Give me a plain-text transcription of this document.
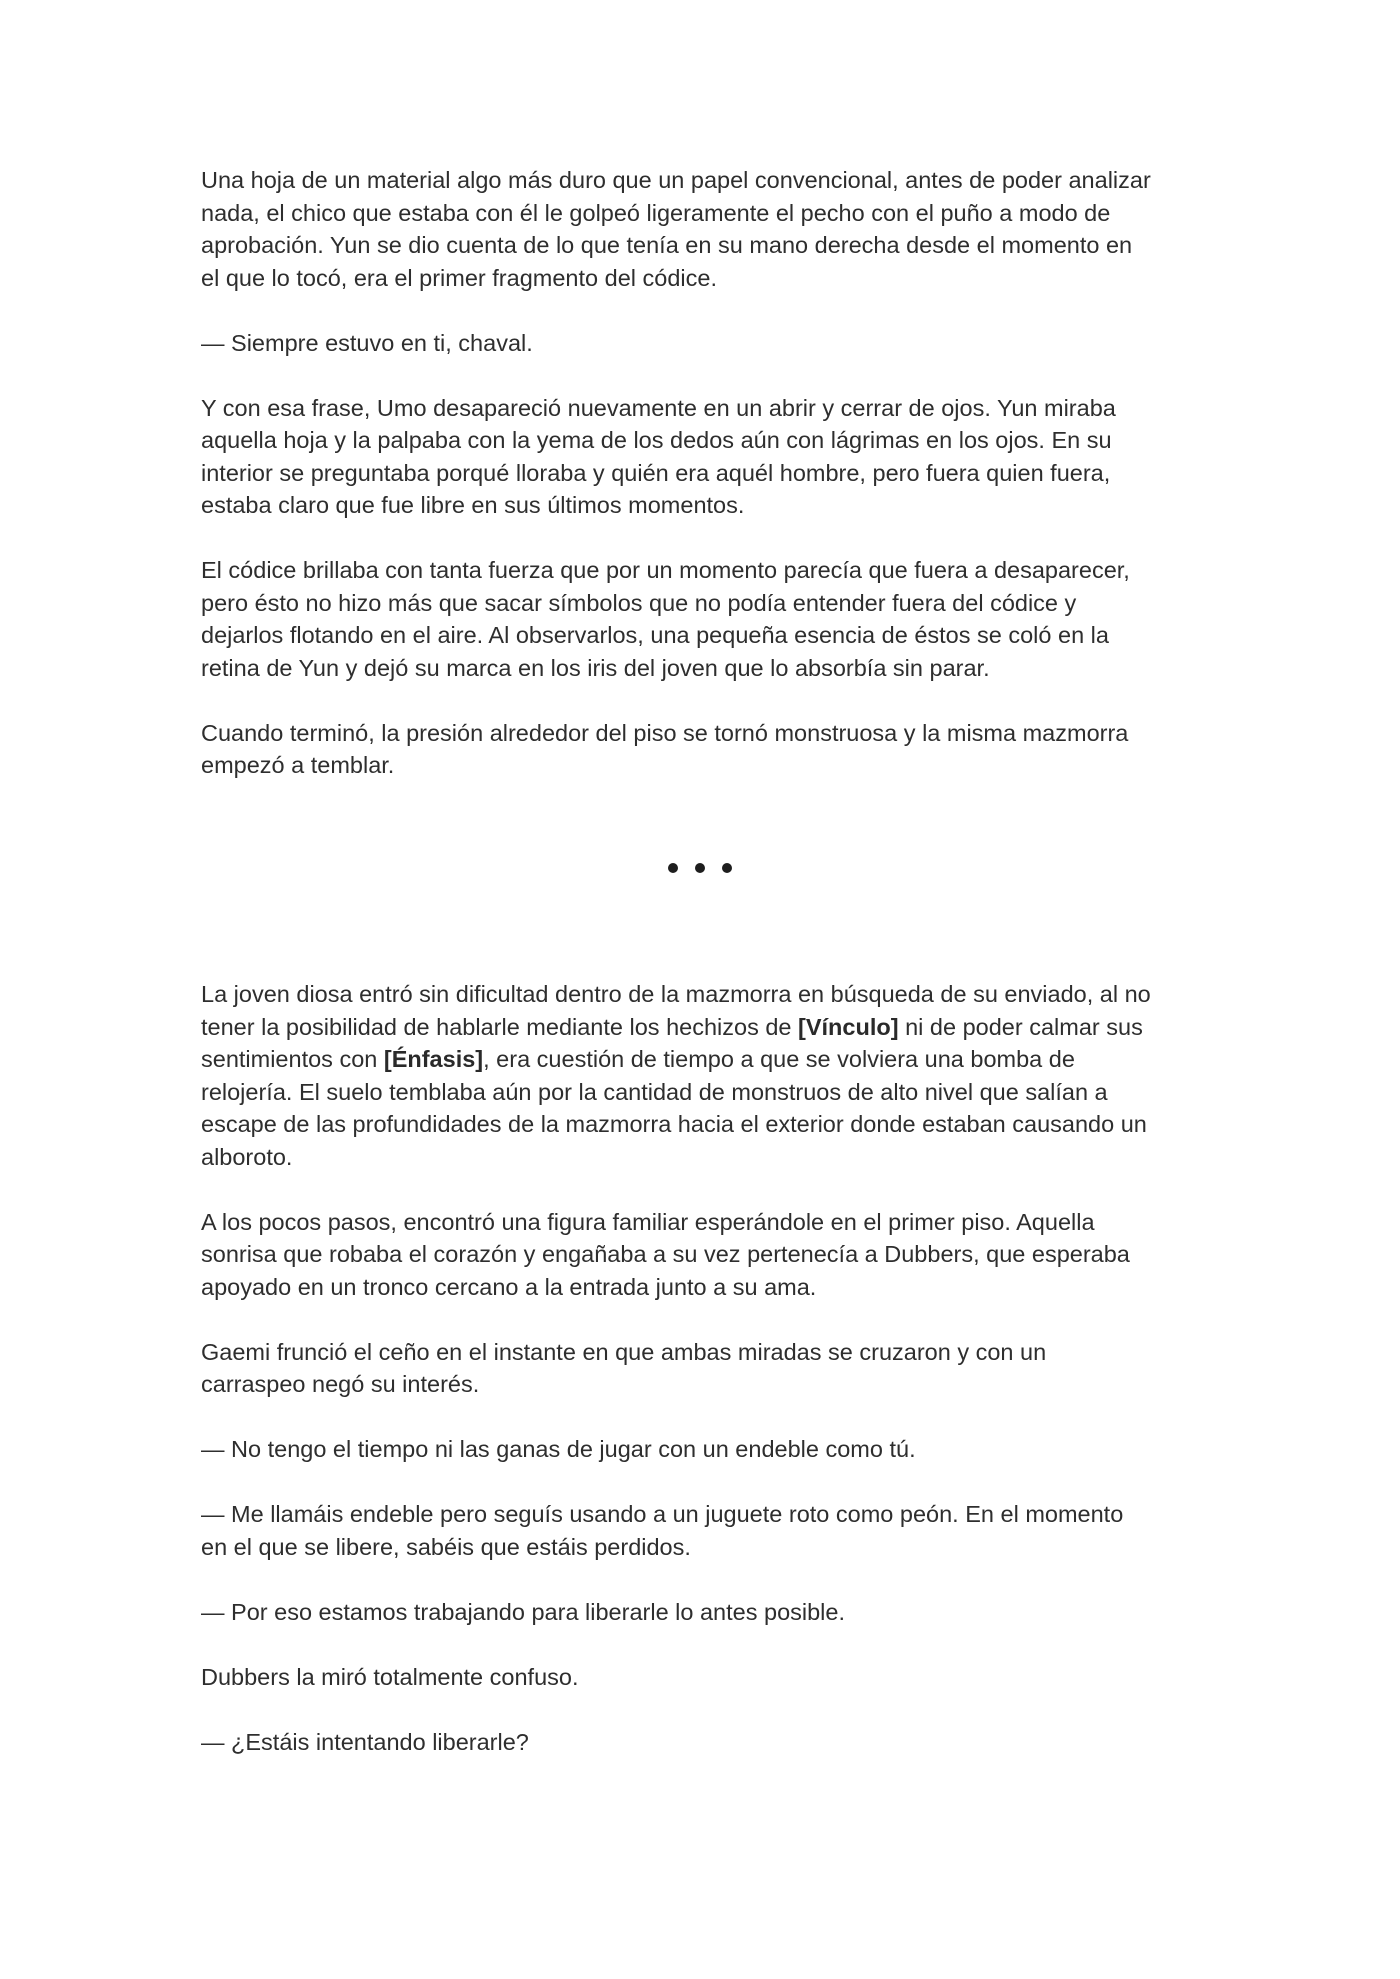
Una hoja de un material algo más duro que un papel convencional, antes de poder analizar
nada, el chico que estaba con él le golpeó ligeramente el pecho con el puño a modo de
aprobación. Yun se dio cuenta de lo que tenía en su mano derecha desde el momento en
el que lo tocó, era el primer fragmento del códice.

— Siempre estuvo en ti, chaval.

Y con esa frase, Umo desapareció nuevamente en un abrir y cerrar de ojos. Yun miraba
aquella hoja y la palpaba con la yema de los dedos aún con lágrimas en los ojos. En su
interior se preguntaba porqué lloraba y quién era aquél hombre, pero fuera quien fuera,
estaba claro que fue libre en sus últimos momentos.

El códice brillaba con tanta fuerza que por un momento parecía que fuera a desaparecer,
pero ésto no hizo más que sacar símbolos que no podía entender fuera del códice y
dejarlos flotando en el aire. Al observarlos, una pequeña esencia de éstos se coló en la
retina de Yun y dejó su marca en los iris del joven que lo absorbía sin parar.

Cuando terminó, la presión alrededor del piso se tornó monstruosa y la misma mazmorra
empezó a temblar.

La joven diosa entró sin dificultad dentro de la mazmorra en búsqueda de su enviado, al no
tener la posibilidad de hablarle mediante los hechizos de [Vínculo] ni de poder calmar sus
sentimientos con [Énfasis], era cuestión de tiempo a que se volviera una bomba de
relojería. El suelo temblaba aún por la cantidad de monstruos de alto nivel que salían a
escape de las profundidades de la mazmorra hacia el exterior donde estaban causando un
alboroto.

A los pocos pasos, encontró una figura familiar esperándole en el primer piso. Aquella
sonrisa que robaba el corazón y engañaba a su vez pertenecía a Dubbers, que esperaba
apoyado en un tronco cercano a la entrada junto a su ama.

Gaemi frunció el ceño en el instante en que ambas miradas se cruzaron y con un
carraspeo negó su interés.

— No tengo el tiempo ni las ganas de jugar con un endeble como tú.

— Me llamáis endeble pero seguís usando a un juguete roto como peón. En el momento
en el que se libere, sabéis que estáis perdidos.

— Por eso estamos trabajando para liberarle lo antes posible.

Dubbers la miró totalmente confuso.

— ¿Estáis intentando liberarle?
